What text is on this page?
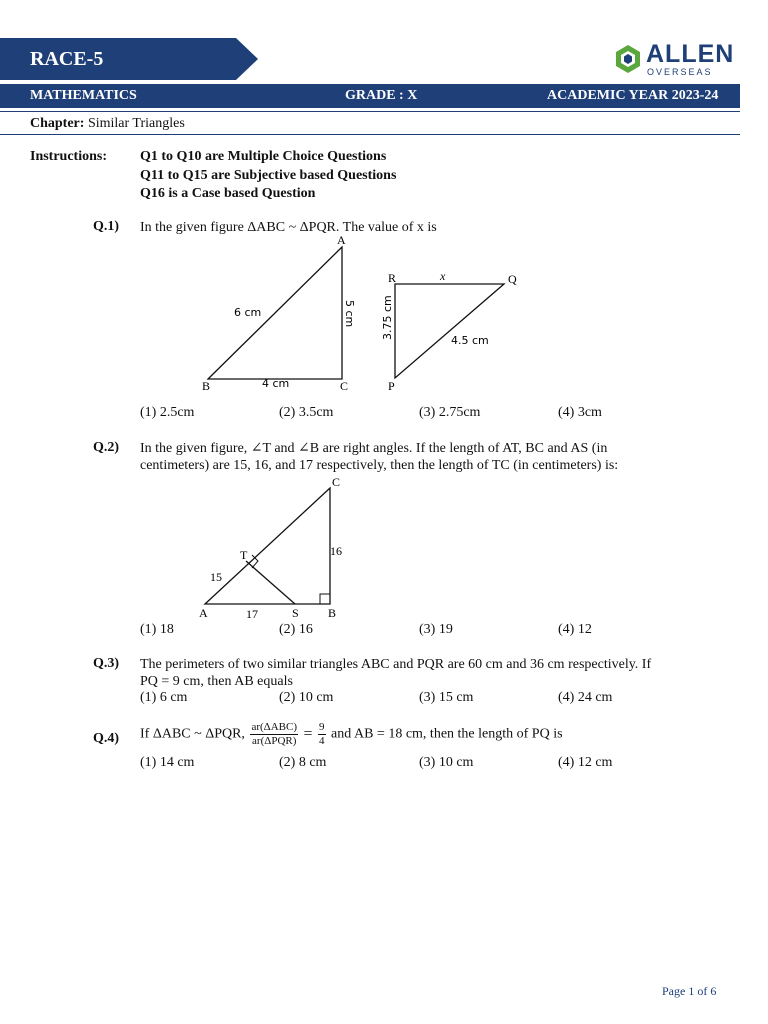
RACE-5	ALLEN
OVERSEAS
MATHEMATICS	GRADE : X	ACADEMIC YEAR 2023-24
Chapter: Similar Triangles
Instructions: Q1 to Q10 are Multiple Choice Questions
Q11 to Q15 are Subjective based Questions
Q16 is a Case based Question
Q.1) In the given figure ΔABC ~ ΔPQR. The value of x is
A
B	C
6 cm	5 cm
4 cm
R	Q
P
x
3.75 cm
4.5 cm
(1) 2.5cm	(2) 3.5cm	(3) 2.75cm	(4) 3cm
Q.2) In the given figure, ∠T and ∠B are right angles. If the length of AT, BC and AS (in
centimeters) are 15, 16, and 17 respectively, then the length of TC (in centimeters) is:
C
T
A	S B
15
17
16
(1) 18	(2) 16	(3) 19	(4) 12
Q.3) The perimeters of two similar triangles ABC and PQR are 60 cm and 36 cm respectively. If
PQ = 9 cm, then AB equals
(1) 6 cm	(2) 10 cm	(3) 15 cm	(4) 24 cm
Q.4) If ΔABC ~ ΔPQR, $\frac{\text{ar(ΔABC)}}{\text{ar(ΔPQR)}} = \frac{9}{4}$ and AB = 18 cm, then the length of PQ is
(1) 14 cm	(2) 8 cm	(3) 10 cm	(4) 12 cm
Page 1 of 6
